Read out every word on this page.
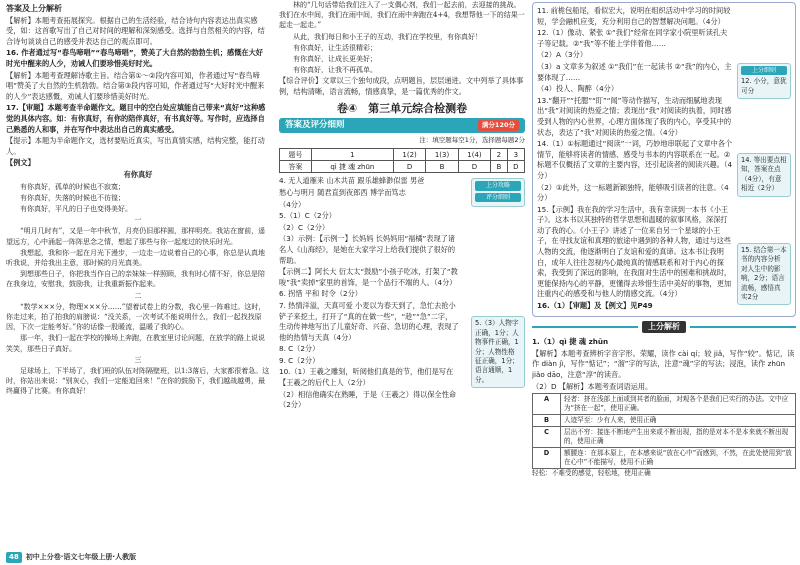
答案及上分解析

【解析】本题考查拓展探究。根据自己的生活经验，结合诗句内容表达出真实感受，如：这首歌写出了自己对时间的理解和深刻感受。选择与自然相关的内容，结合诗句谈谈自己的感受并表达自己的观点即可。

16. 作者通过写“春鸟啼唱”“春鸟啼唱”，赞美了大自然的勃勃生机；感慨在大好时光中醒来的人少，劝诫人们要珍惜美好时光。

【解析】本题考查理解诗歌主旨。结合第①～②段内容可知，作者通过写“春鸟啼唱”赞美了大自然的生机勃勃。结合第③段内容可知，作者通过写“大好时光中醒来的人少”表达感慨，劝诫人们要珍惜美好时光。

17.【审题】本题考查半命题作文。题目中的空白处应填能自己带来“真好”这种感觉的具体内容。如：有你真好，有你的陪伴真好，有书真好等。写作时，应选择自己熟悉的人和事，并在写作中表达出自己的真实感受。

【提示】本题为半命题作文，选材要贴近真实，写出真情实感，结构完整，能打动人。

【例文】

有你真好

有你真好，孤单的时候也不寂寞；

有你真好，失落的时候也不彷徨；

有你真好，平凡的日子也变得美好。

一

“明月几时有”，又是一年中秋节，月亮仍旧那样圆，那样明亮。我站在窗前，遥望远方，心中涌起一阵阵思念之情，想起了那些与你一起度过的快乐时光。

我想起，我和你一起在月光下漫步，一边走一边说着自己的心事，你总是认真地听我说，并给我出主意，那时候的月光真美。

到想那些日子，你把我当作自己的亲妹妹一样照顾，我有时心情不好，你总是陪在我身边，安慰我，鼓励我，让我重新振作起来。

二

“数学×××分，物理×××分……”望着试卷上的分数，我心里一阵难过。这时，你走过来，拍了拍我的肩膀说：“没关系，一次考试不能说明什么，我们一起找找原因，下次一定能考好。”你的话像一股暖流，温暖了我的心。

那一年，我们一起在学校的操场上奔跑，在教室里讨论问题，在放学的路上说说笑笑，那些日子真好。

三

足球场上，下半场了，我们班的队伍对阵隔壁班，以1:3落后，大家都很着急。这时，你站出来说：“别灰心，我们一定能追回来！”在你的鼓励下，我们越战越勇，最终赢得了比赛。有你真好！

48	初中上分卷·语文七年级上册·人教版

林的“几句话带给我们注入了一支偶心剂，我们一起去前，去迎接的挑战。我们在水中间，我们在雨中间，我们在雨中奔跑在4+4，我想帮他一下的结果一起走一起走。”

从此，我们每日和小王子的互动，我们在学校里，有你真好！

有你真好，让生活很精彩；

有你真好，让成长更美好；

有你真好，让我不再孤单。

【综合评价】文章以三个独句成段，点明题旨，层层递进。文中列举了具体事例，结构清晰，语言流畅，情感真挚，是一篇优秀的作文。

卷④　第三单元综合检测卷
答案及评分细则	满分120分

注：填空题每空1分，选择题每题2分

题号	1	1(2)	1(3)	1(4)	2	3
答案	qì 捷 魂 zhūn	D	B	D	B	D

4. 无人道雁来 山木共苗 跟乐雄蜂渺似雷 男爸

愁心与明月 随君直到夜郎西 博学而笃志

（4分）

5.（1）C（2分）

（2）C（2分）

（3）示例：【示例一】长妈妈 长妈妈用“福橘”表现了诸名人《山海经》，是她在大家学习上给我们提供了很好的帮助。

【示例二】阿长大 衍太太“鼓励”小孩子吃冰，打架了“教唆”我“卖掉”家里的首饰，是一个品行不端的人。（4分）

6. 拐惜 平和 时令（2分）

7. 热情洋溢，天真可爱 小麦以为春天到了，急忙去抢小铲子来挖土，打开了“真的在做一些”，“趁”“急”二字，生动传神地写出了儿童好奇、兴奋、急切的心理，表现了他的热情与天真（4分）

8. C（2分）

9. C（2分）

10.（1）王羲之雕刻，听阅他们真是的节，他们是写在【王羲之的后代上人（2分）

（2）相信他确实在熟睡，于是（王羲之）得以保全性命（2分）

上分攻略
评分细则
5.（3）人物字正确，1分；人物事件正确，1分；人物性格征正确，1分；语言通顺，1分。

11. 前桅包船尾，看似宏大，说明在组织活动中学习的时间较短，学会融机应变，充分利用自己的智慧解决问题。（4分）

12.（1）像动、紧张 ①“我们”经常在同学家小院里听读孔夫子等记载。②“我”等不能上学伴着他……

（2）A（3分）

（3）a 文章多为叙述 ①“我们”在一起读书 ②“我”的内心，主要体现了……

（4）投人、陶醉（4分）

13.“翻开”“托腮”“盯”“闻”等动作描写，生动而细腻地表现出“我”对阅读的热爱之情；表现出“我”对阅读的执着，同时感受到人物的内心世界，心理方面体现了我的内心，享受其中的状态，表达了“我”对阅读的热爱之情。（4分）

14.（1）①标题通过“阅读”一词，巧妙地串联起了文章中各个情节，能够将读者的情感、感受与书本的内容联系在一起。②标题不仅概括了文章的主要内容，还引起读者的阅读兴趣。（4分）

（2）①此外，这一标题新颖独特，能够吸引读者的注意。（4分）

15.【示例】我在我的学习生活中，我有幸读到一本书《小王子》。这本书以其独特的哲学思想和温暖的叙事风格，深深打动了我的心。《小王子》讲述了一位来自另一个星球的小王子，在寻找友谊和真理的旅途中遇到的各种人物，通过与这些人物的交流，他逐渐明白了友谊和爱的真谛。这本书让我明白，成年人往往忽视内心最纯真的情感联系和对于内心的探索，我受到了深远的影响，在我面对生活中的困难和挑战时，更能保持内心的平静，更懂得去珍惜生活中美好的事物，更加注重内心的感受和与他人的情感交流。（4分）

16.（1）【审题】及【例文】见P49

上分细则
12. 小分，意犹可分
14. 等出要点相知，答案在点（4分），有意相近（2分）
15. 结合第一本书的内容分析对人生中的影响，2分；语言流畅，感悟真实2分
上分解析

1.（1）qì 捷 魂 zhūn

【解析】本题考查辨析字音字形。荣耀，读作 cài qí；较 jiǎ，写作“较”。惦记，读作 diàn jì，写作“惦记”；“溜”字的写法，注意“魂”字的写法；浸泡，读作 zhūn jiǎo dāo，注意“淳”的读音。

（2）D 【解析】本题考查词语运用。

A	轻者：挤在浅部上面或到其者的脸面，对观各个是我们已实行的办法。文中应为“挤在一起”，使用正确。
B	人迹罕至：少有人来，使用正确
C	层出不穷：接连不断地产生出来或不断出现，指的是对本不是本来就不断出现的，使用正确
D	额腰连：在那本原上，在本感来说“放在心中”而感到，不然，在此处使用到“放在心中”不能描写，使用不正确

轻松：不难受的感觉，轻松地，使用正确
